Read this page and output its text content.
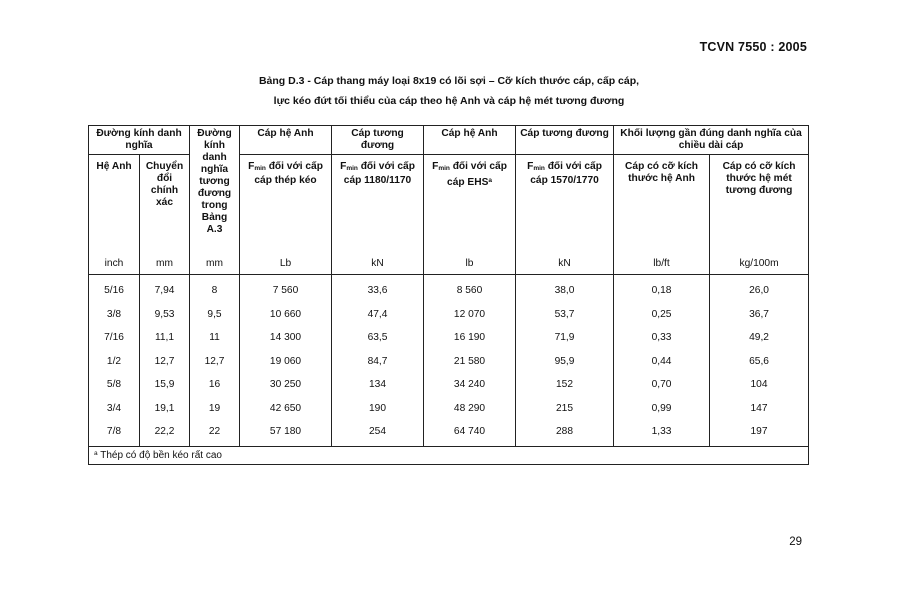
TCVN 7550 : 2005
Bảng D.3 - Cáp thang máy loại 8x19 có lõi sợi – Cỡ kích thước cáp, cấp cáp,
lực kéo đứt tối thiểu của cáp theo hệ Anh và cáp hệ mét tương đương
Đường kính danh nghĩa		Đường kính danh nghĩa tương đương trong Bảng A.3	Cáp hệ Anh	Cáp tương đương	Cáp hệ Anh	Cáp tương đương	Khối lượng gần đúng danh nghĩa của chiều dài cáp	
Hệ Anh	Chuyển đổi chính xác		$F_{min}$ đối với cấp cáp thép kéo	$F_{min}$ đối với cấp cáp 1180/1170	$F_{min}$ đối với cấp cáp EHS$^a$	$F_{min}$ đối với cấp cáp 1570/1770	Cáp có cỡ kích thước hệ Anh	Cáp có cỡ kích thước hệ mét tương đương
inch	mm	mm	Lb	kN	lb	kN	lb/ft	kg/100m
5/16	7,94	8	7 560	33,6	8 560	38,0	0,18	26,0
3/8	9,53	9,5	10 660	47,4	12 070	53,7	0,25	36,7
7/16	11,1	11	14 300	63,5	16 190	71,9	0,33	49,2
1/2	12,7	12,7	19 060	84,7	21 580	95,9	0,44	65,6
5/8	15,9	16	30 250	134	34 240	152	0,70	104
3/4	19,1	19	42 650	190	48 290	215	0,99	147
7/8	22,2	22	57 180	254	64 740	288	1,33	197
$^a$ Thép có độ bền kéo rất cao								
29
